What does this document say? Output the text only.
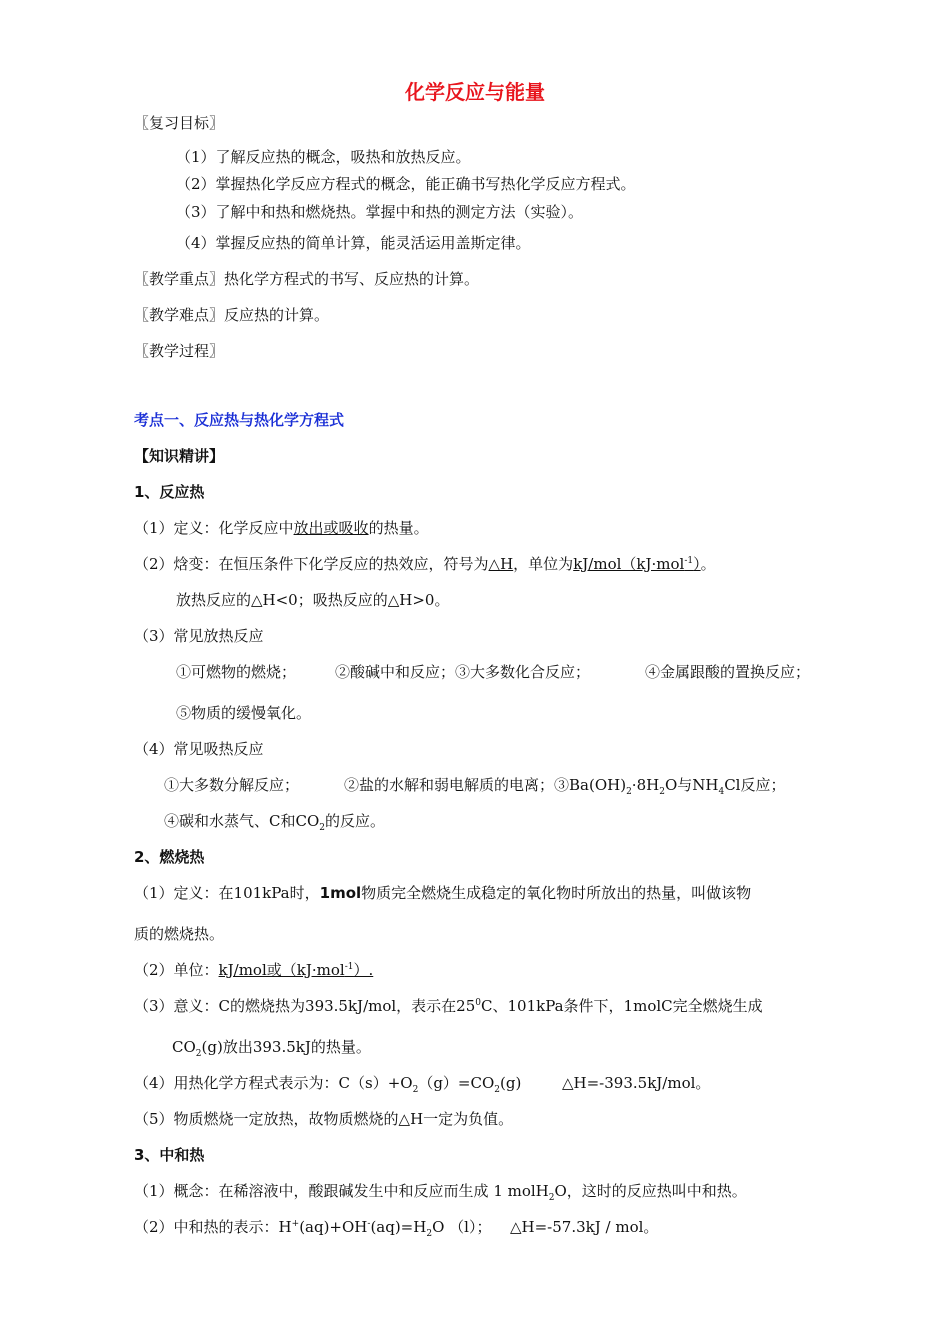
化学反应与能量
〖复习目标〗
（1）了解反应热的概念，吸热和放热反应。
（2）掌握热化学反应方程式的概念，能正确书写热化学反应方程式。
（3）了解中和热和燃烧热。掌握中和热的测定方法（实验）。
（4）掌握反应热的简单计算，能灵活运用盖斯定律。
〖教学重点〗热化学方程式的书写、反应热的计算。
〖教学难点〗反应热的计算。
〖教学过程〗
考点一、反应热与热化学方程式
【知识精讲】
1、反应热
（1）定义：化学反应中放出或吸收的热量。
（2）焓变：在恒压条件下化学反应的热效应，符号为△H，单位为kJ/mol（kJ·mol$^{-1}$）。
放热反应的△H<0；吸热反应的△H>0。
（3）常见放热反应
①可燃物的燃烧；	②酸碱中和反应；③大多数化合反应；	④金属跟酸的置换反应；
⑤物质的缓慢氧化。
（4）常见吸热反应
①大多数分解反应；	②盐的水解和弱电解质的电离；$③Ba(OH)_2\cdot 8H_2O$与$NH_4Cl$反应；
④碳和水蒸气、C和$CO_2$的反应。
2、燃烧热
（1）定义：在101kPa时，1mol物质完全燃烧生成稳定的氧化物时所放出的热量，叫做该物
质的燃烧热。
（2）单位：kJ/mol或（kJ·mol$^{-1}$）.
（3）意义：C的燃烧热为393.5kJ/mol，表示在$25^0C$、101kPa条件下，1molC完全燃烧生成
$CO_2(g)$放出393.5kJ的热量。
（4）用热化学方程式表示为：$C(s)+O_2(g)=CO_2(g)$	△H=-393.5kJ/mol。
（5）物质燃烧一定放热，故物质燃烧的△H一定为负值。
3、中和热
（1）概念：在稀溶液中，酸跟碱发生中和反应而生成 1 molH$_2$O，这时的反应热叫中和热。
（2）中和热的表示：$H^+(aq)+OH^-(aq)=H_2O$ （l）； △H=-57.3kJ / mol。
